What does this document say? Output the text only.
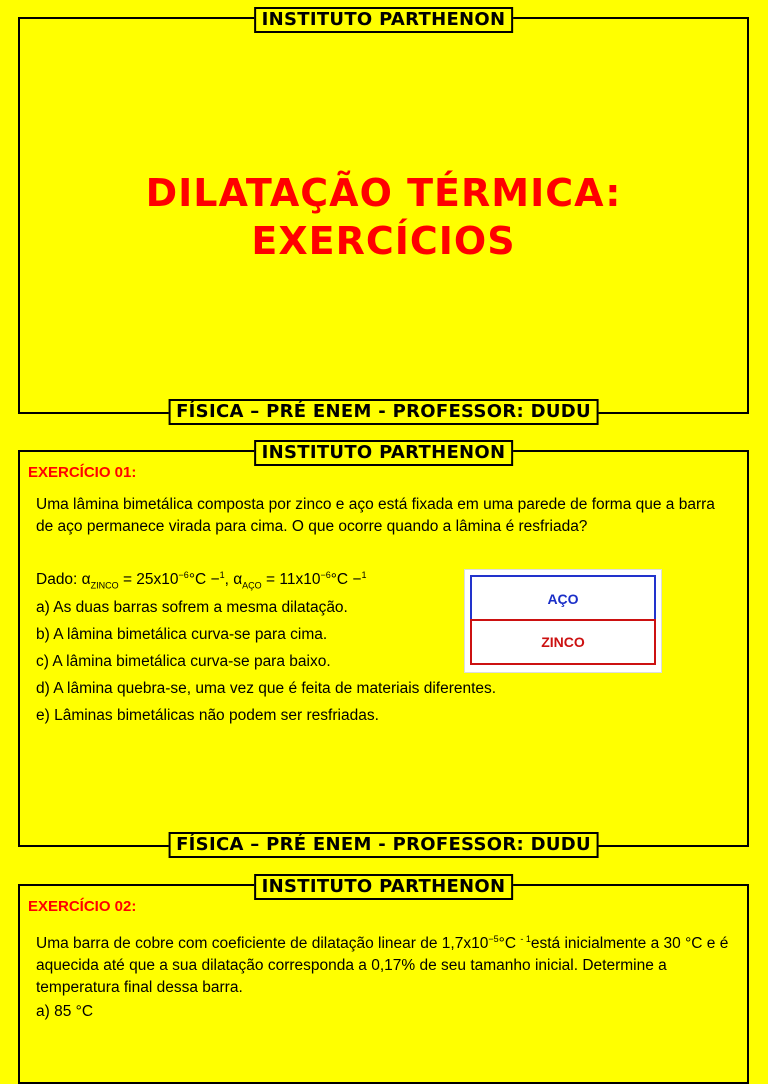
INSTITUTO PARTHENON
DILATAÇÃO TÉRMICA:
EXERCÍCIOS
FÍSICA – PRÉ ENEM - PROFESSOR: DUDU
INSTITUTO PARTHENON
EXERCÍCIO 01:
Uma lâmina bimetálica composta por zinco e aço está fixada em uma parede de forma que a barra de aço permanece virada para cima. O que ocorre quando a lâmina é resfriada?
Dado: $\alpha_{ZINCO} = 25x10^{-6}^\circ C -^1$, $\alpha_{AÇO} = 11x10^{-6}^\circ C -^1$
a) As duas barras sofrem a mesma dilatação.
b) A lâmina bimetálica curva-se para cima.
c) A lâmina bimetálica curva-se para baixo.
d) A lâmina quebra-se, uma vez que é feita de materiais diferentes.
e) Lâminas bimetálicas não podem ser resfriadas.
AÇO
ZINCO
FÍSICA – PRÉ ENEM - PROFESSOR: DUDU
INSTITUTO PARTHENON
EXERCÍCIO 02:
Uma barra de cobre com coeficiente de dilatação linear de $1,7x10^{-5}^\circ C$ $^{- 1}$está inicialmente a 30 °C e é aquecida até que a sua dilatação corresponda a 0,17% de seu tamanho inicial. Determine a temperatura final dessa barra.
a) 85 °C
